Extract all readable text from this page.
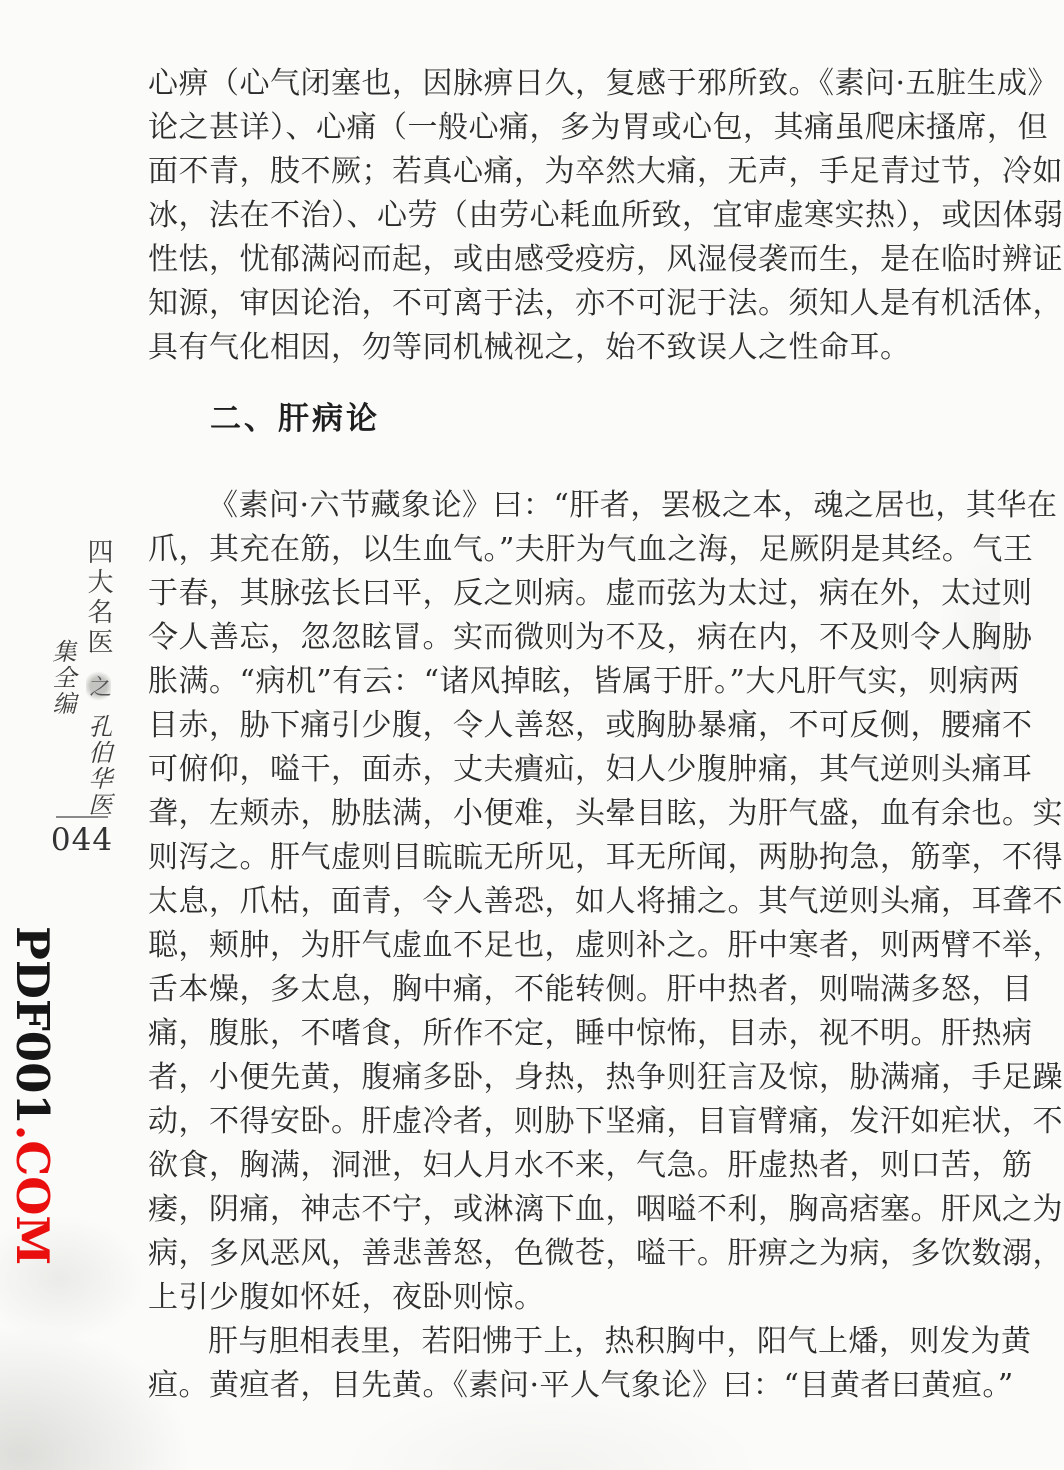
心痹（心气闭塞也，因脉痹日久，复感于邪所致。《素问·五脏生成》
论之甚详）、心痛（一般心痛，多为胃或心包，其痛虽爬床搔席，但
面不青，肢不厥；若真心痛，为卒然大痛，无声，手足青过节，冷如
冰，法在不治）、心劳（由劳心耗血所致，宜审虚寒实热），或因体弱
性怯，忧郁满闷而起，或由感受疫疠，风湿侵袭而生，是在临时辨证
知源，审因论治，不可离于法，亦不可泥于法。须知人是有机活体，
具有气化相因，勿等同机械视之，始不致误人之性命耳。
二、肝病论
《素问·六节藏象论》曰：“肝者，罢极之本，魂之居也，其华在
爪，其充在筋，以生血气。”夫肝为气血之海，足厥阴是其经。气王
于春，其脉弦长曰平，反之则病。虚而弦为太过，病在外，太过则
令人善忘，忽忽眩冒。实而微则为不及，病在内，不及则令人胸胁
胀满。“病机”有云：“诸风掉眩，皆属于肝。”大凡肝气实，则病两
目赤，胁下痛引少腹，令人善怒，或胸胁暴痛，不可反侧，腰痛不
可俯仰，嗌干，面赤，丈夫㿉疝，妇人少腹肿痛，其气逆则头痛耳
聋，左颊赤，胁胠满，小便难，头晕目眩，为肝气盛，血有余也。实
则泻之。肝气虚则目䀮䀮无所见，耳无所闻，两胁拘急，筋挛，不得
太息，爪枯，面青，令人善恐，如人将捕之。其气逆则头痛，耳聋不
聪，颊肿，为肝气虚血不足也，虚则补之。肝中寒者，则两臂不举，
舌本燥，多太息，胸中痛，不能转侧。肝中热者，则喘满多怒，目
痛，腹胀，不嗜食，所作不定，睡中惊怖，目赤，视不明。肝热病
者，小便先黄，腹痛多卧，身热，热争则狂言及惊，胁满痛，手足躁
动，不得安卧。肝虚冷者，则胁下坚痛，目盲臂痛，发汗如疟状，不
欲食，胸满，洞泄，妇人月水不来，气急。肝虚热者，则口苦，筋
痿，阴痛，神志不宁，或淋漓下血，咽嗌不利，胸高痞塞。肝风之为
病，多风恶风，善悲善怒，色微苍，嗌干。肝痹之为病，多饮数溺，
上引少腹如怀妊，夜卧则惊。
肝与胆相表里，若阳怫于上，热积胸中，阳气上燔，则发为黄
疸。黄疸者，目先黄。《素问·平人气象论》曰：“目黄者曰黄疸。”
四大名医之孔伯华医集全编
044
PDF001.COM
